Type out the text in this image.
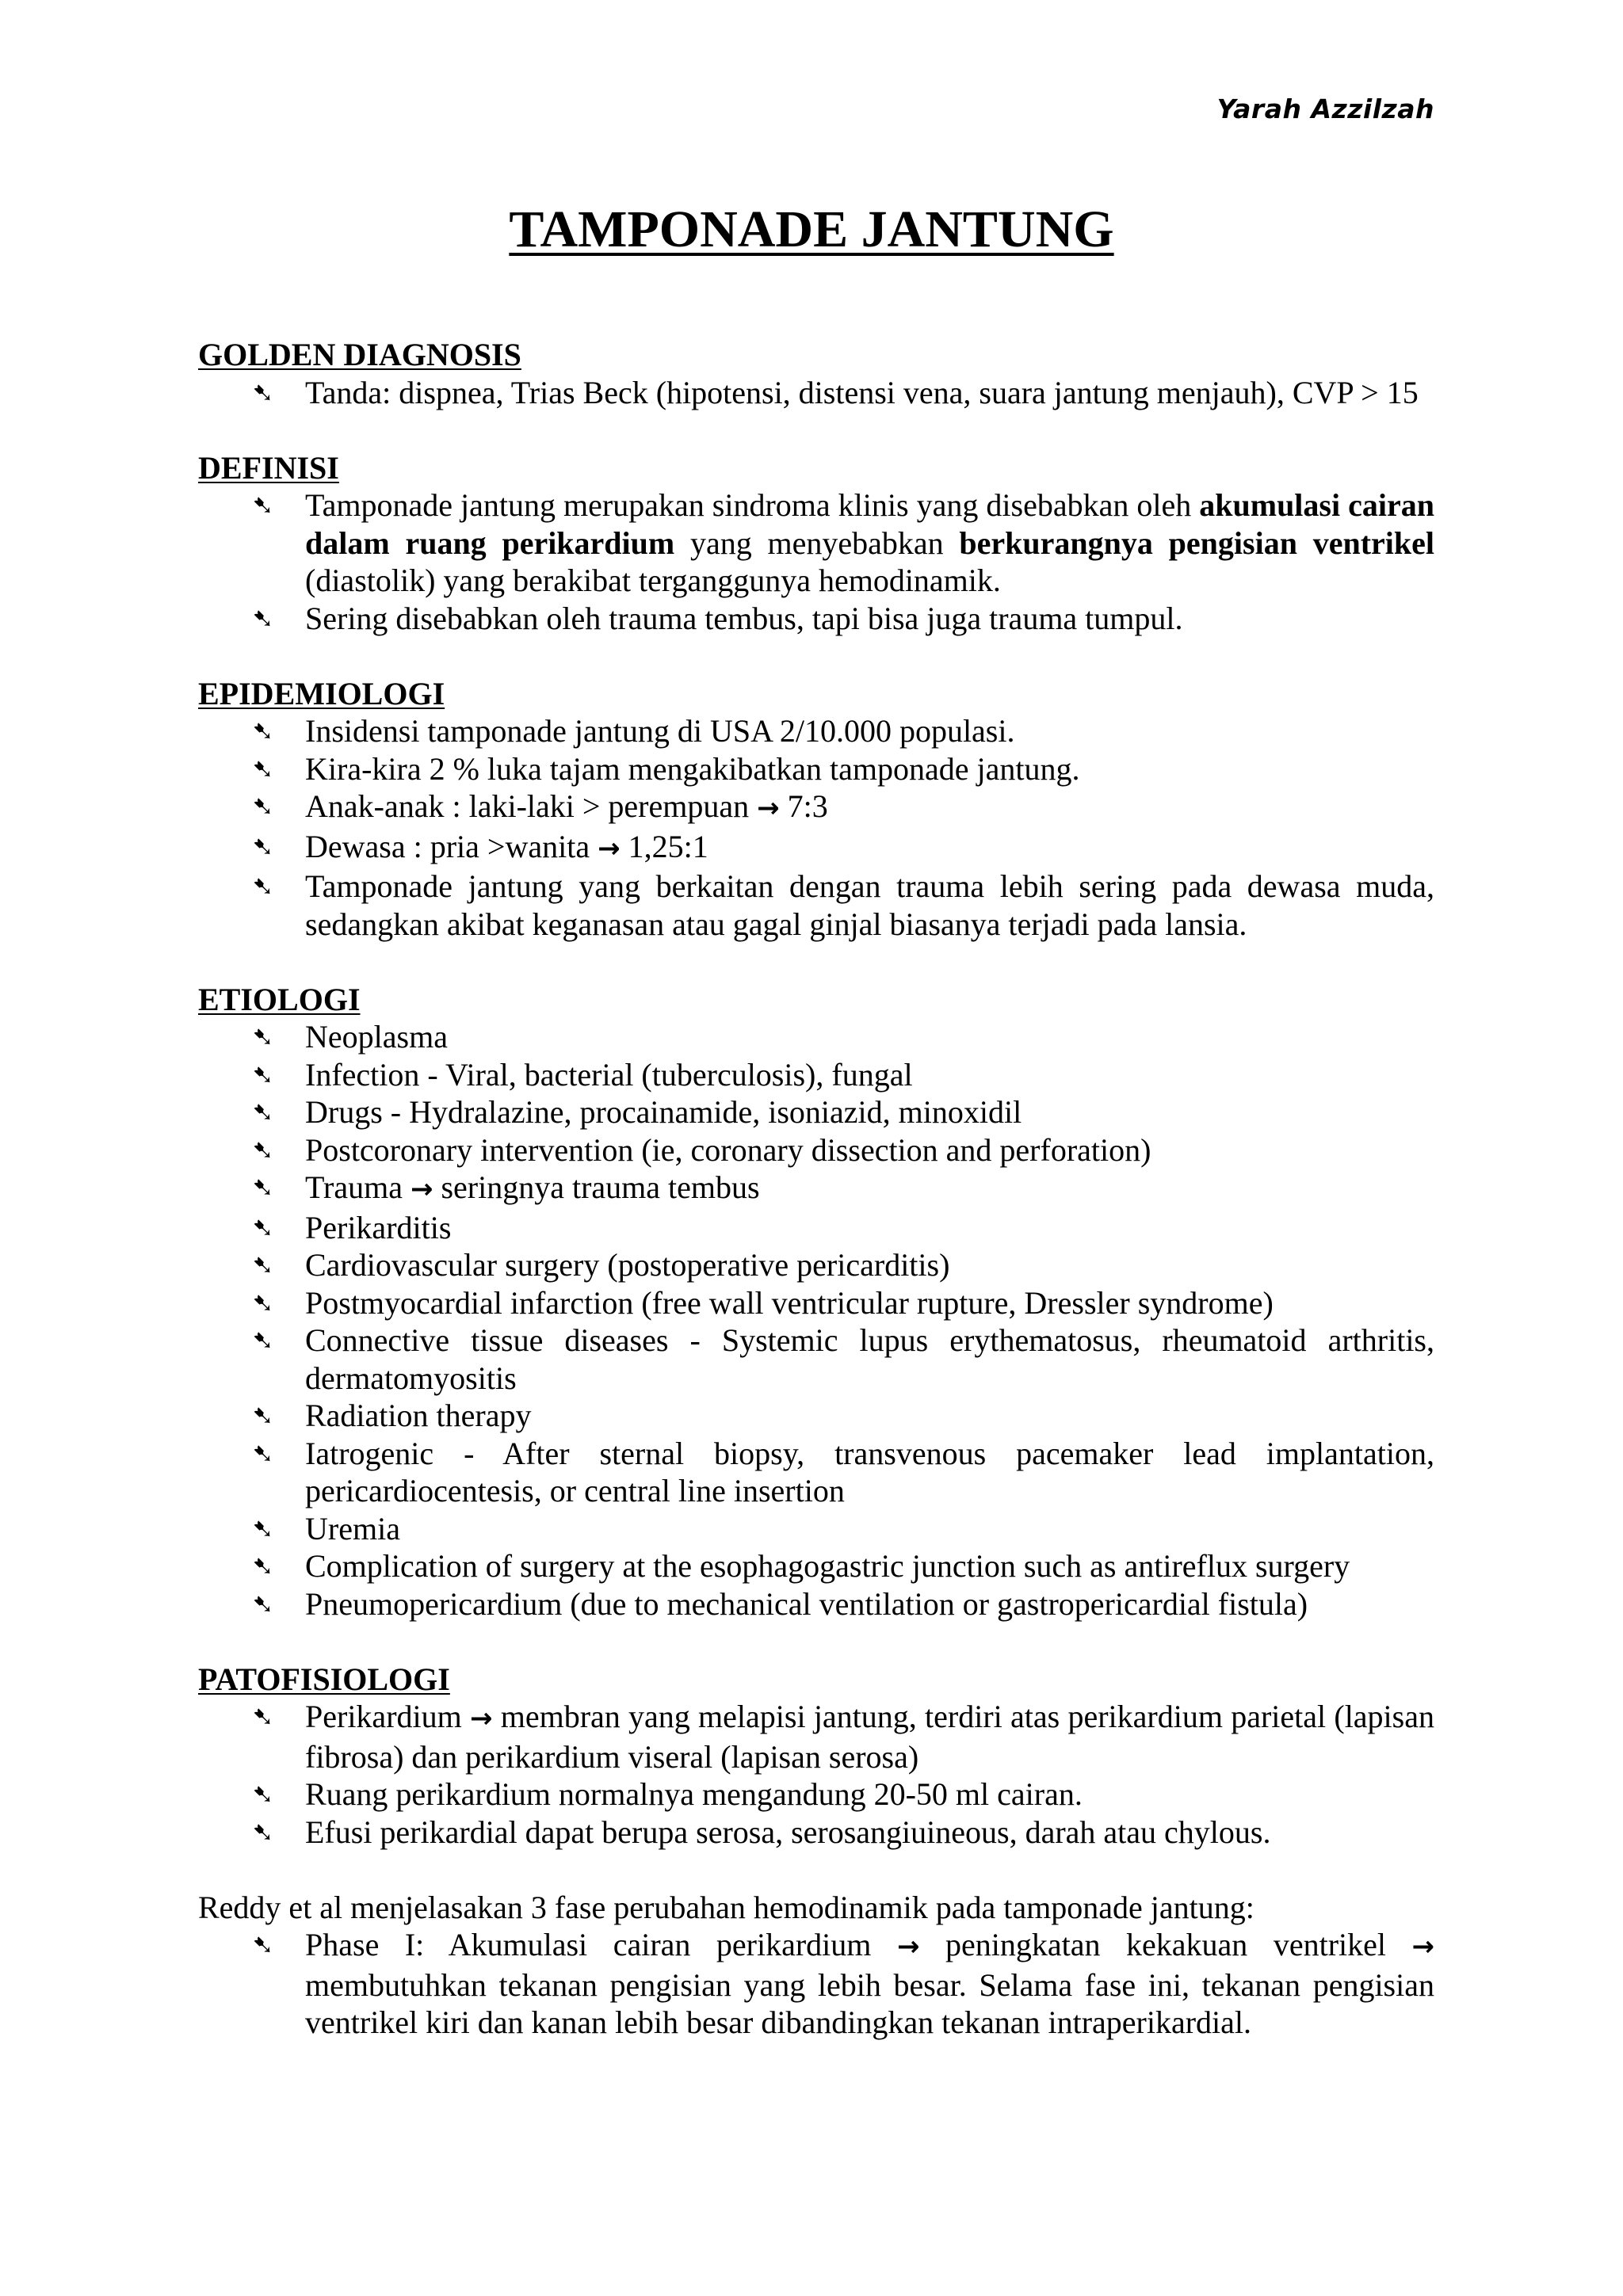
Yarah Azzilzah
TAMPONADE JANTUNG
GOLDEN DIAGNOSIS
➷ Tanda: dispnea, Trias Beck (hipotensi, distensi vena, suara jantung menjauh), CVP > 15
DEFINISI
➷ Tamponade jantung merupakan sindroma klinis yang disebabkan oleh akumulasi cairan dalam ruang perikardium yang menyebabkan berkurangnya pengisian ventrikel (diastolik) yang berakibat terganggunya hemodinamik.
➷ Sering disebabkan oleh trauma tembus, tapi bisa juga trauma tumpul.
EPIDEMIOLOGI
➷ Insidensi tamponade jantung di USA 2/10.000 populasi.
➷ Kira-kira 2 % luka tajam mengakibatkan tamponade jantung.
➷ Anak-anak : laki-laki > perempuan → 7:3
➷ Dewasa : pria >wanita → 1,25:1
➷ Tamponade jantung yang berkaitan dengan trauma lebih sering pada dewasa muda, sedangkan akibat keganasan atau gagal ginjal biasanya terjadi pada lansia.
ETIOLOGI
➷ Neoplasma
➷ Infection - Viral, bacterial (tuberculosis), fungal
➷ Drugs - Hydralazine, procainamide, isoniazid, minoxidil
➷ Postcoronary intervention (ie, coronary dissection and perforation)
➷ Trauma → seringnya trauma tembus
➷ Perikarditis
➷ Cardiovascular surgery (postoperative pericarditis)
➷ Postmyocardial infarction (free wall ventricular rupture, Dressler syndrome)
➷ Connective tissue diseases - Systemic lupus erythematosus, rheumatoid arthritis, dermatomyositis
➷ Radiation therapy
➷ Iatrogenic - After sternal biopsy, transvenous pacemaker lead implantation, pericardiocentesis, or central line insertion
➷ Uremia
➷ Complication of surgery at the esophagogastric junction such as antireflux surgery
➷ Pneumopericardium (due to mechanical ventilation or gastropericardial fistula)
PATOFISIOLOGI
➷ Perikardium → membran yang melapisi jantung, terdiri atas perikardium parietal (lapisan fibrosa) dan perikardium viseral (lapisan serosa)
➷ Ruang perikardium normalnya mengandung 20-50 ml cairan.
➷ Efusi perikardial dapat berupa serosa, serosangiuineous, darah atau chylous.

Reddy et al menjelasakan 3 fase perubahan hemodinamik pada tamponade jantung:

➷ Phase I: Akumulasi cairan perikardium → peningkatan kekakuan ventrikel → membutuhkan tekanan pengisian yang lebih besar. Selama fase ini, tekanan pengisian ventrikel kiri dan kanan lebih besar dibandingkan tekanan intraperikardial.
